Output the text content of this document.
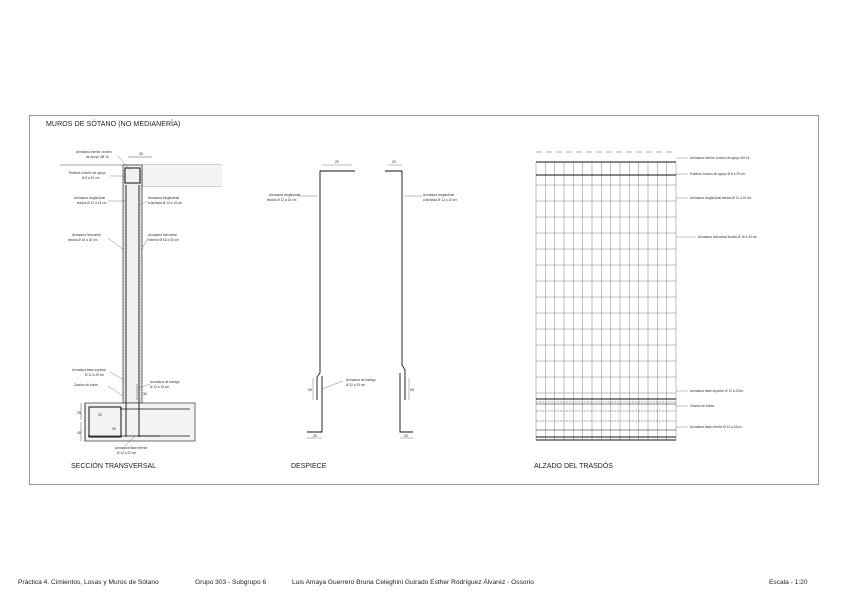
MUROS DE SÓTANO (NO MEDIANERÍA)
Armadura inferior zuncho
de apoyo 4Ø 16
Estribos zuncho de apoyo
Ø 8 a 20 cm
Armadura longitudinal
tesdós Ø 12 a 15 cm
Armadura longitudinal
a fachada Ø 12 a 15 cm
Armadura horizontal
tesdós Ø 16 a 30 cm
Armadura horizontal
exterior Ø 16 a 30 cm
Armadura base superior
Ø 12 a 20 cm
Zancho de borde
Armadura de esedgo
Ø 12 a 15 cm
Armadura base inferior
Ø 12 a 22 cm
20
25
40
20
30
30
Armadura longitudinal
tesdós Ø 12 a 15 cm
Armadura longitudinal
a fachada Ø 12 a 15 cm
Armadura de esedgo
Ø 12 a 15 cm
20	20
25	25
20	20
Armadura inferior zuncho de apoyo 4Ø 16
Estribos zuncho de apoyo Ø 8 a 20 cm
Armadura longitudinal tesdós Ø 12 a 15 cm
Armadura horizontal tesdós Ø 16 a 30 cm
Armadura base superior Ø 12 a 22cm
Zancho de borde
Armadura base inferior Ø 12 a 22cm
SECCIÓN TRANSVERSAL	DESPIECE	ALZADO DEL TRASDÓS
Práctica 4. Cimientos, Losas y Muros de Sótano	Grupo 303 - Subgrupo 6	Luis Amaya Guerrero Bruna Celeghini Guirado Esther Rodríguez Álvarez - Ossorio	Escala - 1:20
